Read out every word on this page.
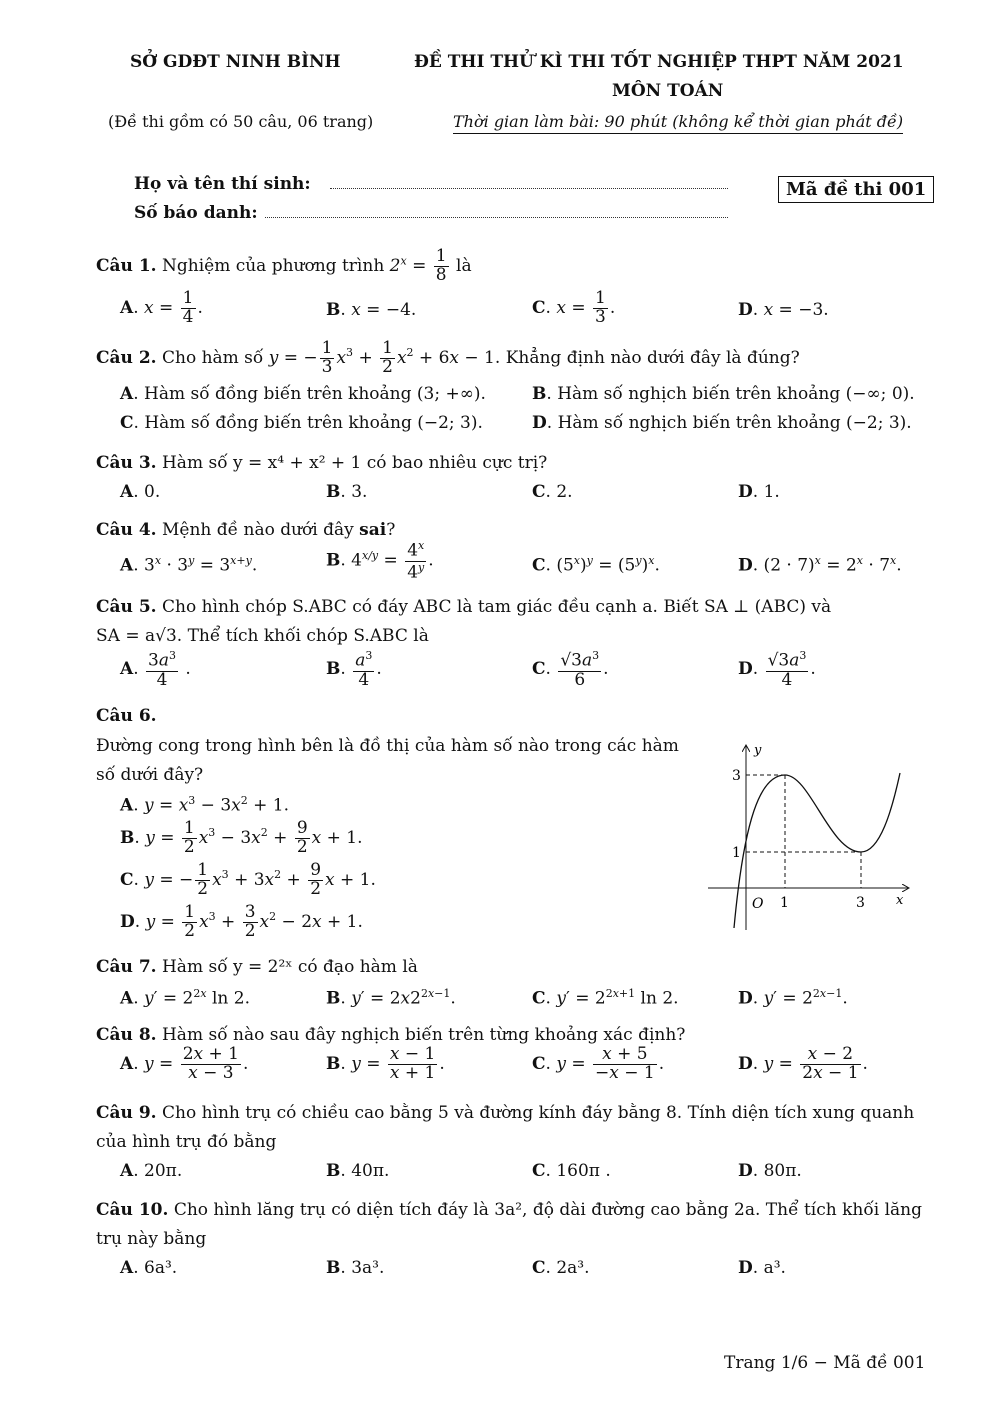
SỞ GDĐT NINH BÌNH	ĐỀ THI THỬ KÌ THI TỐT NGHIỆP THPT NĂM 2021
MÔN TOÁN
(Đề thi gồm có 50 câu, 06 trang)	Thời gian làm bài: 90 phút (không kể thời gian phát đề)
Họ và tên thí sinh:
Số báo danh:
Mã đề thi 001
Câu 1. Nghiệm của phương trình $2^x = \frac{1}{8}$ là
A. $x = \frac{1}{4}$ .	B. x = −4.	C. $x = \frac{1}{3}$ .	D. x = −3.
Câu 2. Cho hàm số y = − $\frac{1}{3} x^3 + \frac{1}{2} x^2 + 6x - 1$. Khẳng định nào dưới đây là đúng?
A. Hàm số đồng biến trên khoảng (3; +∞).	B. Hàm số nghịch biến trên khoảng (−∞; 0).
C. Hàm số đồng biến trên khoảng (−2; 3).	D. Hàm số nghịch biến trên khoảng (−2; 3).
Câu 3. Hàm số y = x⁴ + x² + 1 có bao nhiêu cực trị?
A. 0.	B. 3.	C. 2.	D. 1.
Câu 4. Mệnh đề nào dưới đây sai?
A. $3^x \cdot 3^y = 3^{x+y}$.	B. $4^{x/y} = \frac{4^x}{4^y}$ .	C. $(5^x)^y = (5^y)^x$.	D. $(2 \cdot 7)^x = 2^x \cdot 7^x$.
Câu 5. Cho hình chóp S.ABC có đáy ABC là tam giác đều cạnh a. Biết SA ⊥ (ABC) và
SA = a√3. Thể tích khối chóp S.ABC là
A. $\frac{3a^3}{4}$ .	B. $\frac{a^3}{4}$ .	C. $\frac{√3a^3}{6}$ .	D. $\frac{√3a^3}{4}$ .
Câu 6.
Đường cong trong hình bên là đồ thị của hàm số nào trong các hàm
số dưới đây?
A. $y = x^3 - 3x^2 + 1$.
B. $y = \frac{1}{2} x^3 - 3x^2 + \frac{9}{2}$ x + 1.
C. y = − $\frac{1}{2} x^3 + 3x^2 + \frac{9}{2}$ x + 1.
D. $y = \frac{1}{2} x^3 + \frac{3}{2} x^2 - 2x + 1$.
y
x
O 1	3
1
3
Câu 7. Hàm số y = 2²ˣ có đạo hàm là
A. $y' = 2^{2x}$ ln 2.	B. $y' = 2x2^{2x-1}$.	C. $y' = 2^{2x+1}$ ln 2.	D. $y' = 2^{2x-1}$.
Câu 8. Hàm số nào sau đây nghịch biến trên từng khoảng xác định?
A. $y = \frac{2x + 1}{x - 3}$ .	B. $y = \frac{x - 1}{x + 1}$ .	C. $y = \frac{x + 5}{-x - 1}$ .	D. $y = \frac{x - 2}{2x - 1}$ .
Câu 9. Cho hình trụ có chiều cao bằng 5 và đường kính đáy bằng 8. Tính diện tích xung quanh
của hình trụ đó bằng
A. 20π.	B. 40π.	C. 160π .	D. 80π.
Câu 10. Cho hình lăng trụ có diện tích đáy là 3a², độ dài đường cao bằng 2a. Thể tích khối lăng
trụ này bằng
A. 6a³.	B. 3a³.	C. 2a³.	D. a³.
Trang 1/6 − Mã đề 001
